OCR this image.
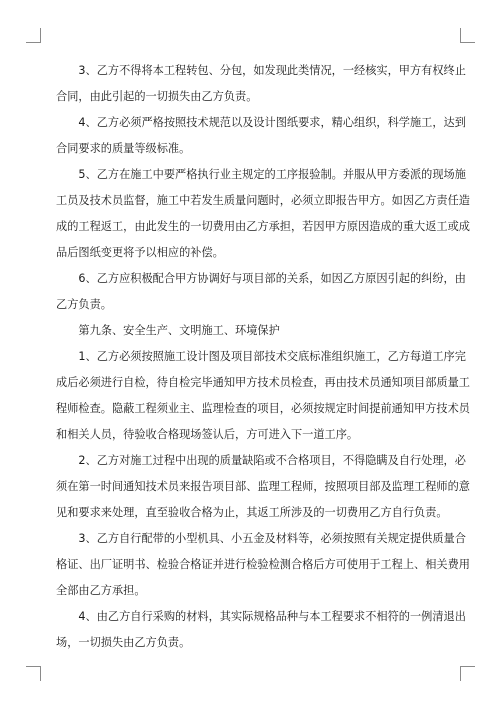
3、乙方不得将本工程转包、分包，如发现此类情况，一经核实，甲方有权终止
合同，由此引起的一切损失由乙方负责。
4、乙方必须严格按照技术规范以及设计图纸要求，精心组织，科学施工，达到
合同要求的质量等级标准。
5、乙方在施工中要严格执行业主规定的工序报验制。并服从甲方委派的现场施
工员及技术员监督，施工中若发生质量问题时，必须立即报告甲方。如因乙方责任造
成的工程返工，由此发生的一切费用由乙方承担，若因甲方原因造成的重大返工或成
品后图纸变更将予以相应的补偿。
6、乙方应积极配合甲方协调好与项目部的关系，如因乙方原因引起的纠纷，由
乙方负责。
第九条、安全生产、文明施工、环境保护
1、乙方必须按照施工设计图及项目部技术交底标准组织施工，乙方每道工序完
成后必须进行自检，待自检完毕通知甲方技术员检查，再由技术员通知项目部质量工
程师检查。隐蔽工程须业主、监理检查的项目，必须按规定时间提前通知甲方技术员
和相关人员，待验收合格现场签认后，方可进入下一道工序。
2、乙方对施工过程中出现的质量缺陷或不合格项目，不得隐瞒及自行处理，必
须在第一时间通知技术员来报告项目部、监理工程师，按照项目部及监理工程师的意
见和要求来处理，直至验收合格为止，其返工所涉及的一切费用乙方自行负责。
3、乙方自行配带的小型机具、小五金及材料等，必须按照有关规定提供质量合
格证、出厂证明书、检验合格证并进行检验检测合格后方可使用于工程上、相关费用
全部由乙方承担。
4、由乙方自行采购的材料，其实际规格品种与本工程要求不相符的一例清退出
场，一切损失由乙方负责。
